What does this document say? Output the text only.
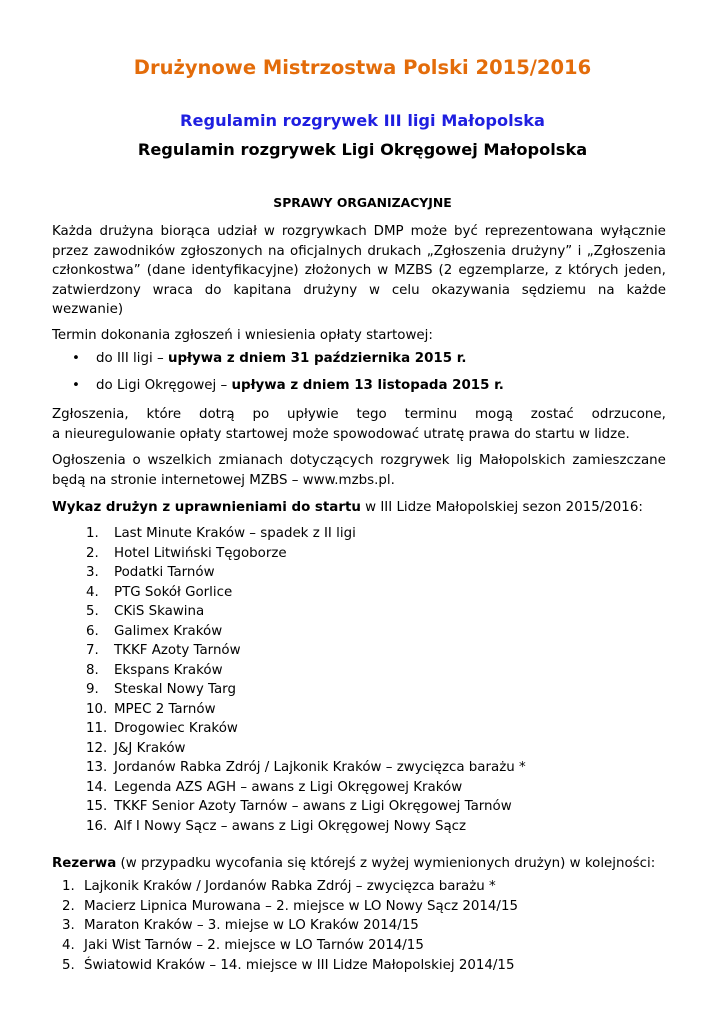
Drużynowe Mistrzostwa Polski 2015/2016
Regulamin rozgrywek III ligi Małopolska
Regulamin rozgrywek Ligi Okręgowej Małopolska
SPRAWY ORGANIZACYJNE
Każda drużyna biorąca udział w rozgrywkach DMP może być reprezentowana wyłącznie
przez zawodników zgłoszonych na oficjalnych drukach „Zgłoszenia drużyny” i „Zgłoszenia
członkostwa” (dane identyfikacyjne) złożonych w MZBS (2 egzemplarze, z których jeden,
zatwierdzony wraca do kapitana drużyny w celu okazywania sędziemu na każde
wezwanie)
Termin dokonania zgłoszeń i wniesienia opłaty startowej:
• do III ligi – upływa z dniem 31 października 2015 r.
• do Ligi Okręgowej – upływa z dniem 13 listopada 2015 r.
Zgłoszenia, które dotrą po upływie tego terminu mogą zostać odrzucone,
a nieuregulowanie opłaty startowej może spowodować utratę prawa do startu w lidze.
Ogłoszenia o wszelkich zmianach dotyczących rozgrywek lig Małopolskich zamieszczane
będą na stronie internetowej MZBS – www.mzbs.pl.
Wykaz drużyn z uprawnieniami do startu w III Lidze Małopolskiej sezon 2015/2016:
1. Last Minute Kraków – spadek z II ligi
2. Hotel Litwiński Tęgoborze
3. Podatki Tarnów
4. PTG Sokół Gorlice
5. CKiS Skawina
6. Galimex Kraków
7. TKKF Azoty Tarnów
8. Ekspans Kraków
9. Steskal Nowy Targ
10. MPEC 2 Tarnów
11. Drogowiec Kraków
12. J&J Kraków
13. Jordanów Rabka Zdrój / Lajkonik Kraków – zwycięzca barażu *
14. Legenda AZS AGH – awans z Ligi Okręgowej Kraków
15. TKKF Senior Azoty Tarnów – awans z Ligi Okręgowej Tarnów
16. Alf I Nowy Sącz – awans z Ligi Okręgowej Nowy Sącz
Rezerwa (w przypadku wycofania się którejś z wyżej wymienionych drużyn) w kolejności:
1. Lajkonik Kraków / Jordanów Rabka Zdrój – zwycięzca barażu *
2. Macierz Lipnica Murowana – 2. miejsce w LO Nowy Sącz 2014/15
3. Maraton Kraków – 3. miejse w LO Kraków 2014/15
4. Jaki Wist Tarnów – 2. miejsce w LO Tarnów 2014/15
5. Światowid Kraków – 14. miejsce w III Lidze Małopolskiej 2014/15
